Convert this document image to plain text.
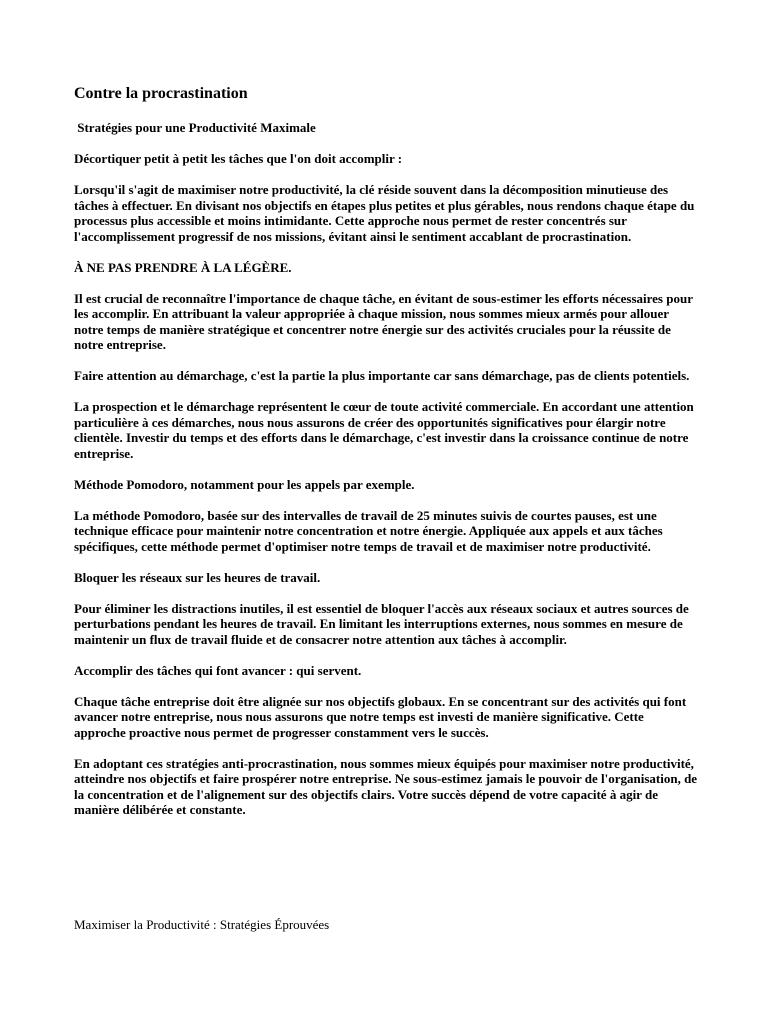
Contre la procrastination
Stratégies pour une Productivité Maximale
Décortiquer petit à petit les tâches que l'on doit accomplir :
Lorsqu'il s'agit de maximiser notre productivité, la clé réside souvent dans la décomposition minutieuse des tâches à effectuer. En divisant nos objectifs en étapes plus petites et plus gérables, nous rendons chaque étape du processus plus accessible et moins intimidante. Cette approche nous permet de rester concentrés sur l'accomplissement progressif de nos missions, évitant ainsi le sentiment accablant de procrastination.
À NE PAS PRENDRE À LA LÉGÈRE.
Il est crucial de reconnaître l'importance de chaque tâche, en évitant de sous-estimer les efforts nécessaires pour les accomplir. En attribuant la valeur appropriée à chaque mission, nous sommes mieux armés pour allouer notre temps de manière stratégique et concentrer notre énergie sur des activités cruciales pour la réussite de notre entreprise.
Faire attention au démarchage, c'est la partie la plus importante car sans démarchage, pas de clients potentiels.
La prospection et le démarchage représentent le cœur de toute activité commerciale. En accordant une attention particulière à ces démarches, nous nous assurons de créer des opportunités significatives pour élargir notre clientèle. Investir du temps et des efforts dans le démarchage, c'est investir dans la croissance continue de notre entreprise.
Méthode Pomodoro, notamment pour les appels par exemple.
La méthode Pomodoro, basée sur des intervalles de travail de 25 minutes suivis de courtes pauses, est une technique efficace pour maintenir notre concentration et notre énergie. Appliquée aux appels et aux tâches spécifiques, cette méthode permet d'optimiser notre temps de travail et de maximiser notre productivité.
Bloquer les réseaux sur les heures de travail.
Pour éliminer les distractions inutiles, il est essentiel de bloquer l'accès aux réseaux sociaux et autres sources de perturbations pendant les heures de travail. En limitant les interruptions externes, nous sommes en mesure de maintenir un flux de travail fluide et de consacrer notre attention aux tâches à accomplir.
Accomplir des tâches qui font avancer : qui servent.
Chaque tâche entreprise doit être alignée sur nos objectifs globaux. En se concentrant sur des activités qui font avancer notre entreprise, nous nous assurons que notre temps est investi de manière significative. Cette approche proactive nous permet de progresser constamment vers le succès.
En adoptant ces stratégies anti-procrastination, nous sommes mieux équipés pour maximiser notre productivité, atteindre nos objectifs et faire prospérer notre entreprise. Ne sous-estimez jamais le pouvoir de l'organisation, de la concentration et de l'alignement sur des objectifs clairs. Votre succès dépend de votre capacité à agir de manière délibérée et constante.
Maximiser la Productivité : Stratégies Éprouvées
